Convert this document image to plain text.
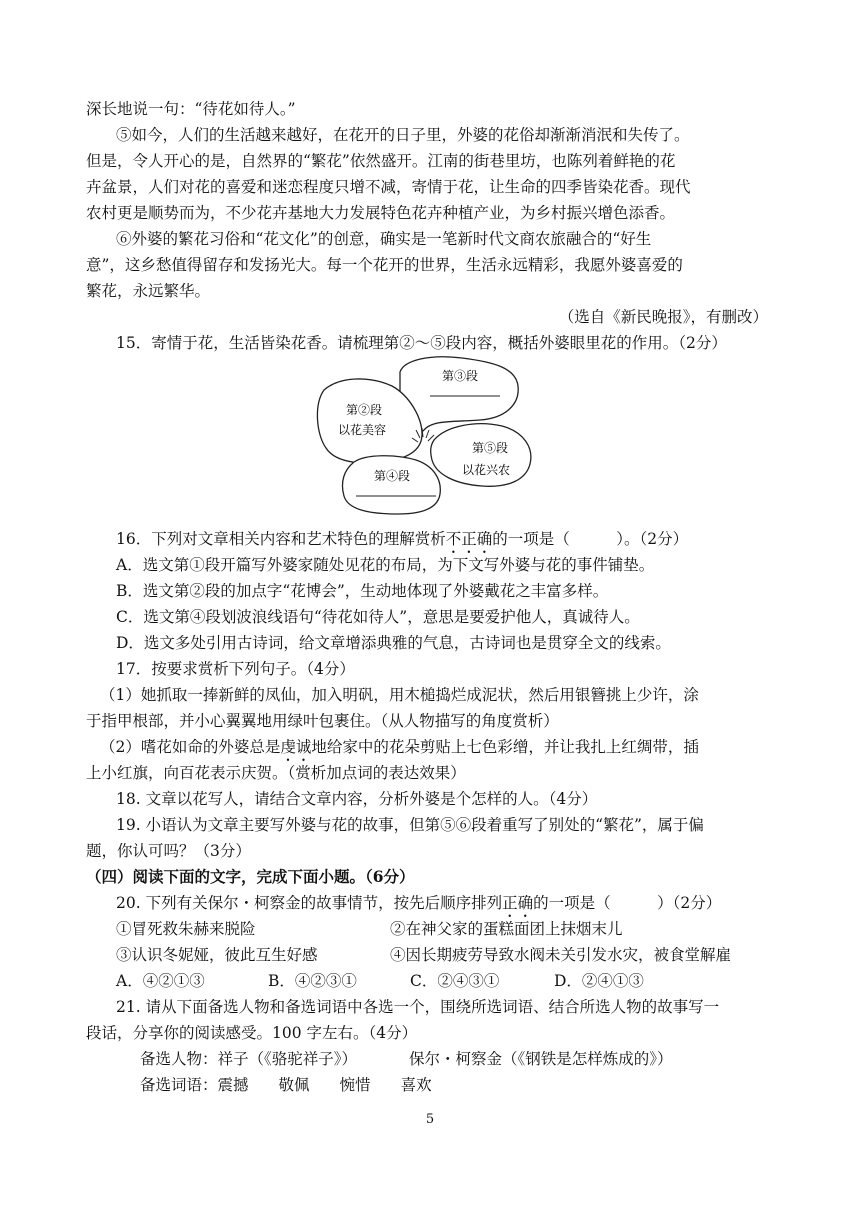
深长地说一句：“待花如待人。”
⑤如今，人们的生活越来越好，在花开的日子里，外婆的花俗却渐渐消泯和失传了。
但是，令人开心的是，自然界的“繁花”依然盛开。江南的街巷里坊，也陈列着鲜艳的花
卉盆景，人们对花的喜爱和迷恋程度只增不减，寄情于花，让生命的四季皆染花香。现代
农村更是顺势而为，不少花卉基地大力发展特色花卉种植产业，为乡村振兴增色添香。
⑥外婆的繁花习俗和“花文化”的创意，确实是一笔新时代文商农旅融合的“好生
意”，这乡愁值得留存和发扬光大。每一个花开的世界，生活永远精彩，我愿外婆喜爱的
繁花，永远繁华。
（选自《新民晚报》，有删改）
15．寄情于花，生活皆染花香。请梳理第②～⑤段内容，概括外婆眼里花的作用。（2分）
第③段
第②段
以花美容
第⑤段
以花兴农
第④段
16．下列对文章相关内容和艺术特色的理解赏析不正确的一项是（　　　）。（2分）
A．选文第①段开篇写外婆家随处见花的布局，为下文写外婆与花的事件铺垫。
B．选文第②段的加点字“花博会”，生动地体现了外婆戴花之丰富多样。
C．选文第④段划波浪线语句“待花如待人”，意思是要爱护他人，真诚待人。
D．选文多处引用古诗词，给文章增添典雅的气息，古诗词也是贯穿全文的线索。
17．按要求赏析下列句子。（4分）
（1）她抓取一捧新鲜的凤仙，加入明矾，用木槌捣烂成泥状，然后用银簪挑上少许，涂
于指甲根部，并小心翼翼地用绿叶包裹住。（从人物描写的角度赏析）
（2）嗜花如命的外婆总是虔诚地给家中的花朵剪贴上七色彩缯，并让我扎上红绸带，插
上小红旗，向百花表示庆贺。（赏析加点词的表达效果）
18. 文章以花写人，请结合文章内容，分析外婆是个怎样的人。（4分）
19. 小语认为文章主要写外婆与花的故事，但第⑤⑥段着重写了别处的“繁花”，属于偏
题，你认可吗？（3分）
（四）阅读下面的文字，完成下面小题。（6分）
20. 下列有关保尔・柯察金的故事情节，按先后顺序排列正确的一项是（　　　）（2分）
①冒死救朱赫来脱险	②在神父家的蛋糕面团上抹烟末儿
③认识冬妮娅，彼此互生好感	④因长期疲劳导致水阀未关引发水灾，被食堂解雇
A．④②①③	B．④②③①	C．②④③①	D．②④①③
21. 请从下面备选人物和备选词语中各选一个，围绕所选词语、结合所选人物的故事写一
段话，分享你的阅读感受。100 字左右。（4分）
备选人物：祥子（《骆驼祥子》）	保尔・柯察金（《钢铁是怎样炼成的》）
备选词语：震撼 敬佩 惋惜 喜欢
5
